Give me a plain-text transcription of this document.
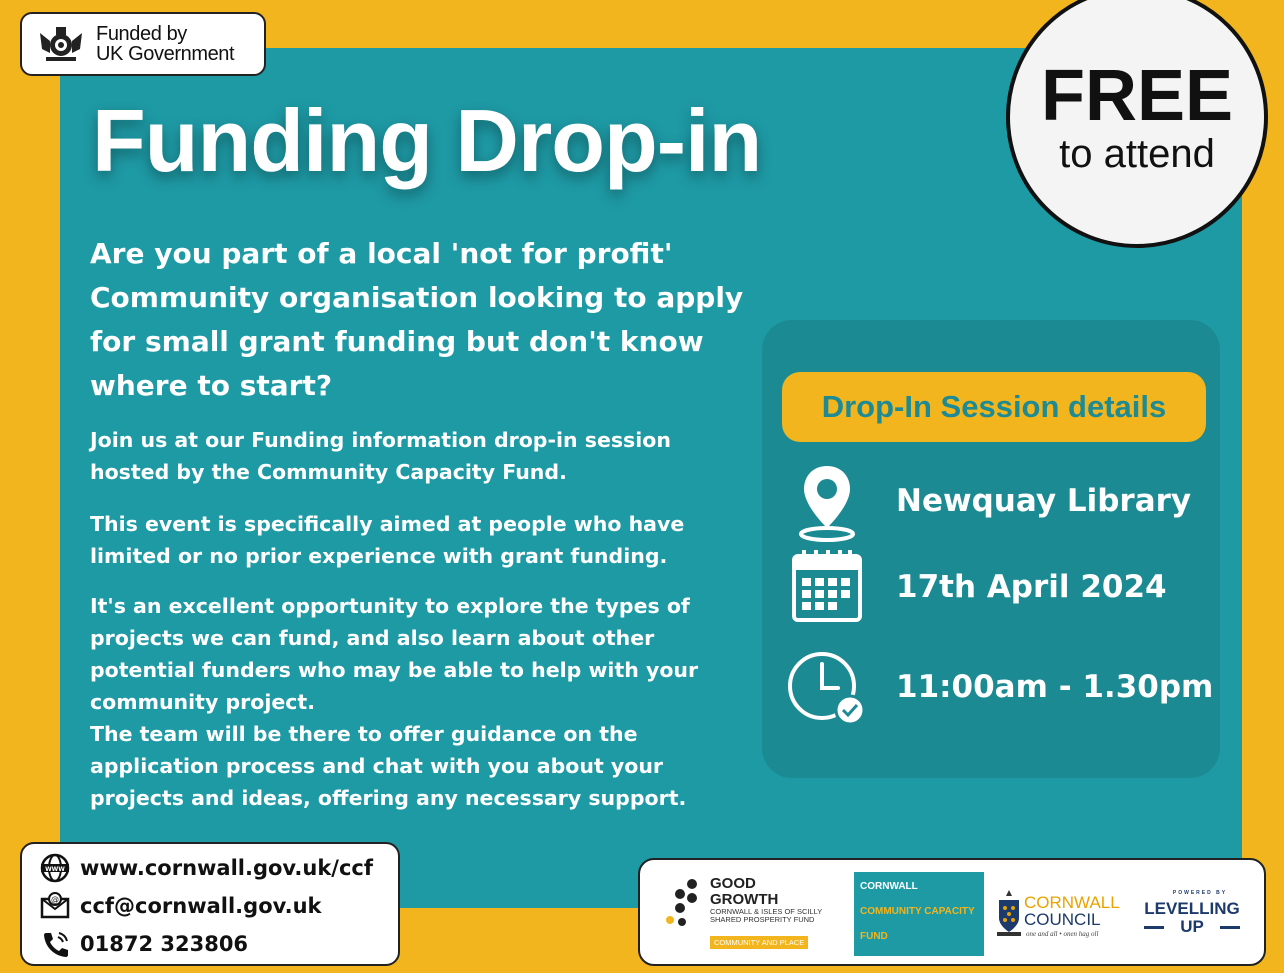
Funded by
UK Government
Funding Drop-in	FREE
to attend

Are you part of a local 'not for profit' Community organisation looking to apply for small grant funding but don't know where to start?

Join us at our Funding information drop-in session hosted by the Community Capacity Fund.

This event is specifically aimed at people who have limited or no prior experience with grant funding.

It's an excellent opportunity to explore the types of projects we can fund, and also learn about other potential funders who may be able to help with your community project.
The team will be there to offer guidance on the application process and chat with you about your projects and ideas, offering any necessary support.
Drop-In Session details
Newquay Library
17th April 2024
11:00am - 1.30pm
WWW www.cornwall.gov.uk/ccf
@ ccf@cornwall.gov.uk
01872 323806
GOOD
GROWTH
CORNWALL & ISLES OF SCILLY SHARED PROSPERITY FUND
COMMUNITY AND PLACE
CORNWALL
COMMUNITY CAPACITY
FUND
CORNWALL
COUNCIL
one and all • onen hag oll
POWERED BY
LEVELLING
UP
